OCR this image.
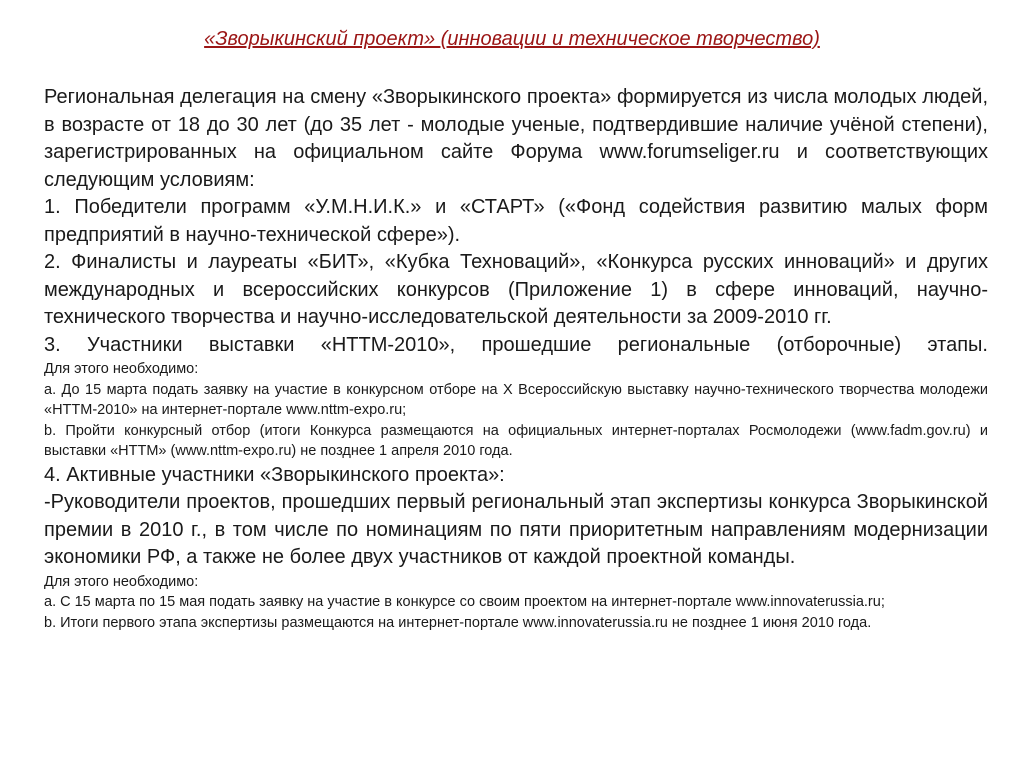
«Зворыкинский проект» (инновации и техническое творчество)

Региональная делегация на смену «Зворыкинского проекта» формируется из числа молодых людей, в возрасте от 18 до 30 лет (до 35 лет - молодые ученые, подтвердившие наличие учёной степени), зарегистрированных на официальном сайте Форума www.forumseliger.ru и соответствующих следующим условиям:

1. Победители программ «У.М.Н.И.К.» и «СТАРТ» («Фонд содействия развитию малых форм предприятий в научно-технической сфере»).

2. Финалисты и лауреаты «БИТ», «Кубка Техноваций», «Конкурса русских инноваций» и других международных и всероссийских конкурсов (Приложение 1) в сфере инноваций, научно-технического творчества и научно-исследовательской деятельности за 2009-2010 гг.

3. Участники выставки «НТТМ-2010», прошедшие региональные (отборочные) этапы.

Для этого необходимо:

a. До 15 марта подать заявку на участие в конкурсном отборе на X Всероссийскую выставку научно-технического творчества молодежи «НТТМ-2010» на интернет-портале www.nttm-expo.ru;

b. Пройти конкурсный отбор (итоги Конкурса размещаются на официальных интернет-порталах Росмолодежи (www.fadm.gov.ru) и выставки «НТТМ» (www.nttm-expo.ru) не позднее 1 апреля 2010 года.

4. Активные участники «Зворыкинского проекта»:

-Руководители проектов, прошедших первый региональный этап экспертизы конкурса Зворыкинской премии в 2010 г., в том числе по номинациям по пяти приоритетным направлениям модернизации экономики РФ, а также не более двух участников от каждой проектной команды.

Для этого необходимо:

a. С 15 марта по 15 мая подать заявку на участие в конкурсе со своим проектом на интернет-портале www.innovaterussia.ru;

b. Итоги первого этапа экспертизы размещаются на интернет-портале www.innovaterussia.ru не позднее 1 июня 2010 года.
